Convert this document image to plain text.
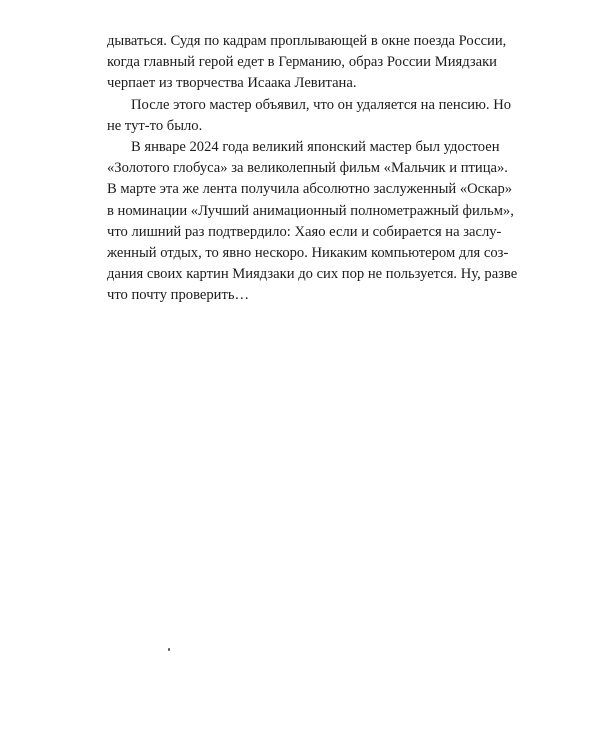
дываться. Судя по кадрам проплывающей в окне поезда России,
когда главный герой едет в Германию, образ России Миядзаки
черпает из творчества Исаака Левитана.
После этого мастер объявил, что он удаляется на пенсию. Но
не тут-то было.
В январе 2024 года великий японский мастер был удостоен
«Золотого глобуса» за великолепный фильм «Мальчик и птица».
В марте эта же лента получила абсолютно заслуженный «Оскар»
в номинации «Лучший анимационный полнометражный фильм»,
что лишний раз подтвердило: Хаяо если и собирается на заслу-
женный отдых, то явно нескоро. Никаким компьютером для соз-
дания своих картин Миядзаки до сих пор не пользуется. Ну, разве
что почту проверить…
